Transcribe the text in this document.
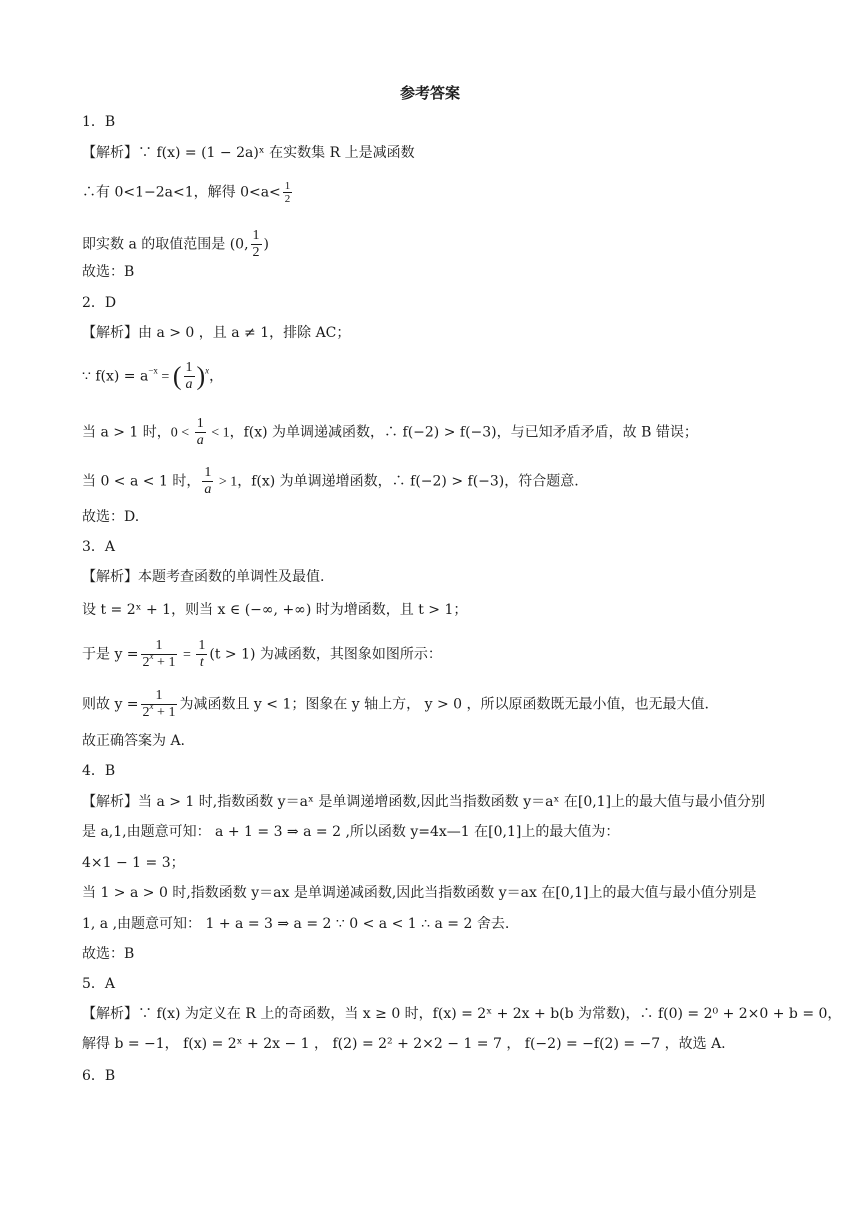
参考答案
1．B
【解析】∵ f(x) = (1 − 2a)ˣ 在实数集 R 上是减函数
∴有 0<1−2a<1，解得 $0<a< \frac{1}{2}$
即实数 a 的取值范围是 (0, $\frac{1}{2}$ )
故选：B
2．D
【解析】由 a > 0 ，且 a ≠ 1，排除 AC；
∵ $f(x) = a^{-x}$ = ( $\frac{1}{a} )^x$，
当 a > 1 时，$0 < \frac{1}{a} < 1$，f(x) 为单调递减函数，∴ f(−2) > f(−3)，与已知矛盾矛盾，故 B 错误；
当 0 < a < 1 时， $\frac{1}{a} > 1$，f(x) 为单调递增函数，∴ f(−2) > f(−3)，符合题意.
故选：D.
3．A
【解析】本题考查函数的单调性及最值.
设 t = 2ˣ + 1，则当 x ∈ (−∞, +∞) 时为增函数，且 t > 1；
于是 $y = \frac{1}{2^x + 1} = \frac{1}{t} (t > 1)$ 为减函数，其图象如图所示：
则故 $y = \frac{1}{2^x + 1}$ 为减函数且 y < 1；图象在 y 轴上方， y > 0 ，所以原函数既无最小值，也无最大值.
故正确答案为 A.
4．B
【解析】当 a > 1 时,指数函数 y＝aˣ 是单调递增函数,因此当指数函数 y＝aˣ 在[0,1]上的最大值与最小值分别
是 a,1,由题意可知： a + 1 = 3 ⇒ a = 2 ,所以函数 y=4x—1 在[0,1]上的最大值为：
4×1 − 1 = 3；
当 1 > a > 0 时,指数函数 y＝ax 是单调递减函数,因此当指数函数 y＝ax 在[0,1]上的最大值与最小值分别是
1, a ,由题意可知： 1 + a = 3 ⇒ a = 2 ∵ 0 < a < 1 ∴ a = 2 舍去.
故选：B
5．A
【解析】∵ f(x) 为定义在 R 上的奇函数，当 x ≥ 0 时，f(x) = 2ˣ + 2x + b(b 为常数)，∴ f(0) = 2⁰ + 2×0 + b = 0，
解得 b = −1， f(x) = 2ˣ + 2x − 1 ， f(2) = 2² + 2×2 − 1 = 7 ， f(−2) = −f(2) = −7 ，故选 A.
6．B
